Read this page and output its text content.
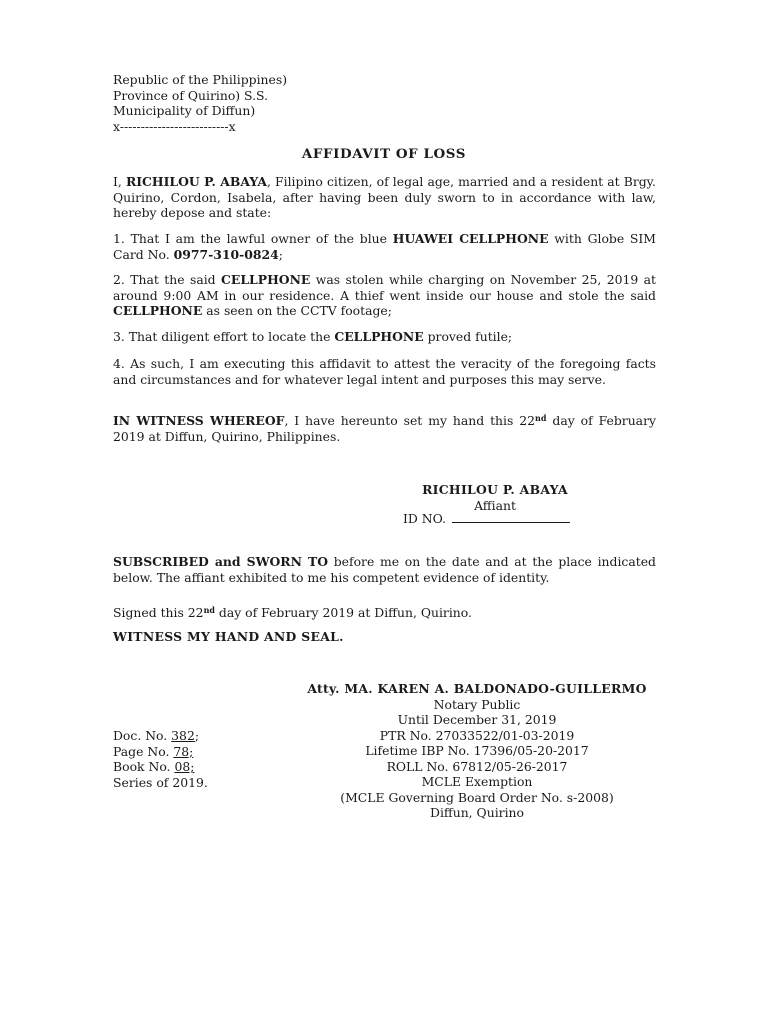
Republic of the Philippines)
Province of Quirino) S.S.
Municipality of Diffun)
x--------------------------x
AFFIDAVIT OF LOSS
I, RICHILOU P. ABAYA, Filipino citizen, of legal age, married and a resident at Brgy. Quirino, Cordon, Isabela, after having been duly sworn to in accordance with law, hereby depose and state:
1. That I am the lawful owner of the blue HUAWEI CELLPHONE with Globe SIM Card No. 0977-310-0824;
2. That the said CELLPHONE was stolen while charging on November 25, 2019 at around 9:00 AM in our residence. A thief went inside our house and stole the said CELLPHONE as seen on the CCTV footage;
3. That diligent effort to locate the CELLPHONE proved futile;
4. As such, I am executing this affidavit to attest the veracity of the foregoing facts and circumstances and for whatever legal intent and purposes this may serve.
IN WITNESS WHEREOF, I have hereunto set my hand this 22nd day of February 2019 at Diffun, Quirino, Philippines.
RICHILOU P. ABAYA
Affiant
ID NO.
SUBSCRIBED and SWORN TO before me on the date and at the place indicated below. The affiant exhibited to me his competent evidence of identity.
Signed this 22nd day of February 2019 at Diffun, Quirino.
WITNESS MY HAND AND SEAL.
Atty. MA. KAREN A. BALDONADO-GUILLERMO
Notary Public
Until December 31, 2019
PTR No. 27033522/01-03-2019
Lifetime IBP No. 17396/05-20-2017
ROLL No. 67812/05-26-2017
MCLE Exemption
(MCLE Governing Board Order No. s-2008)
Diffun, Quirino
Doc. No. 382;
Page No. 78;
Book No. 08;
Series of 2019.
